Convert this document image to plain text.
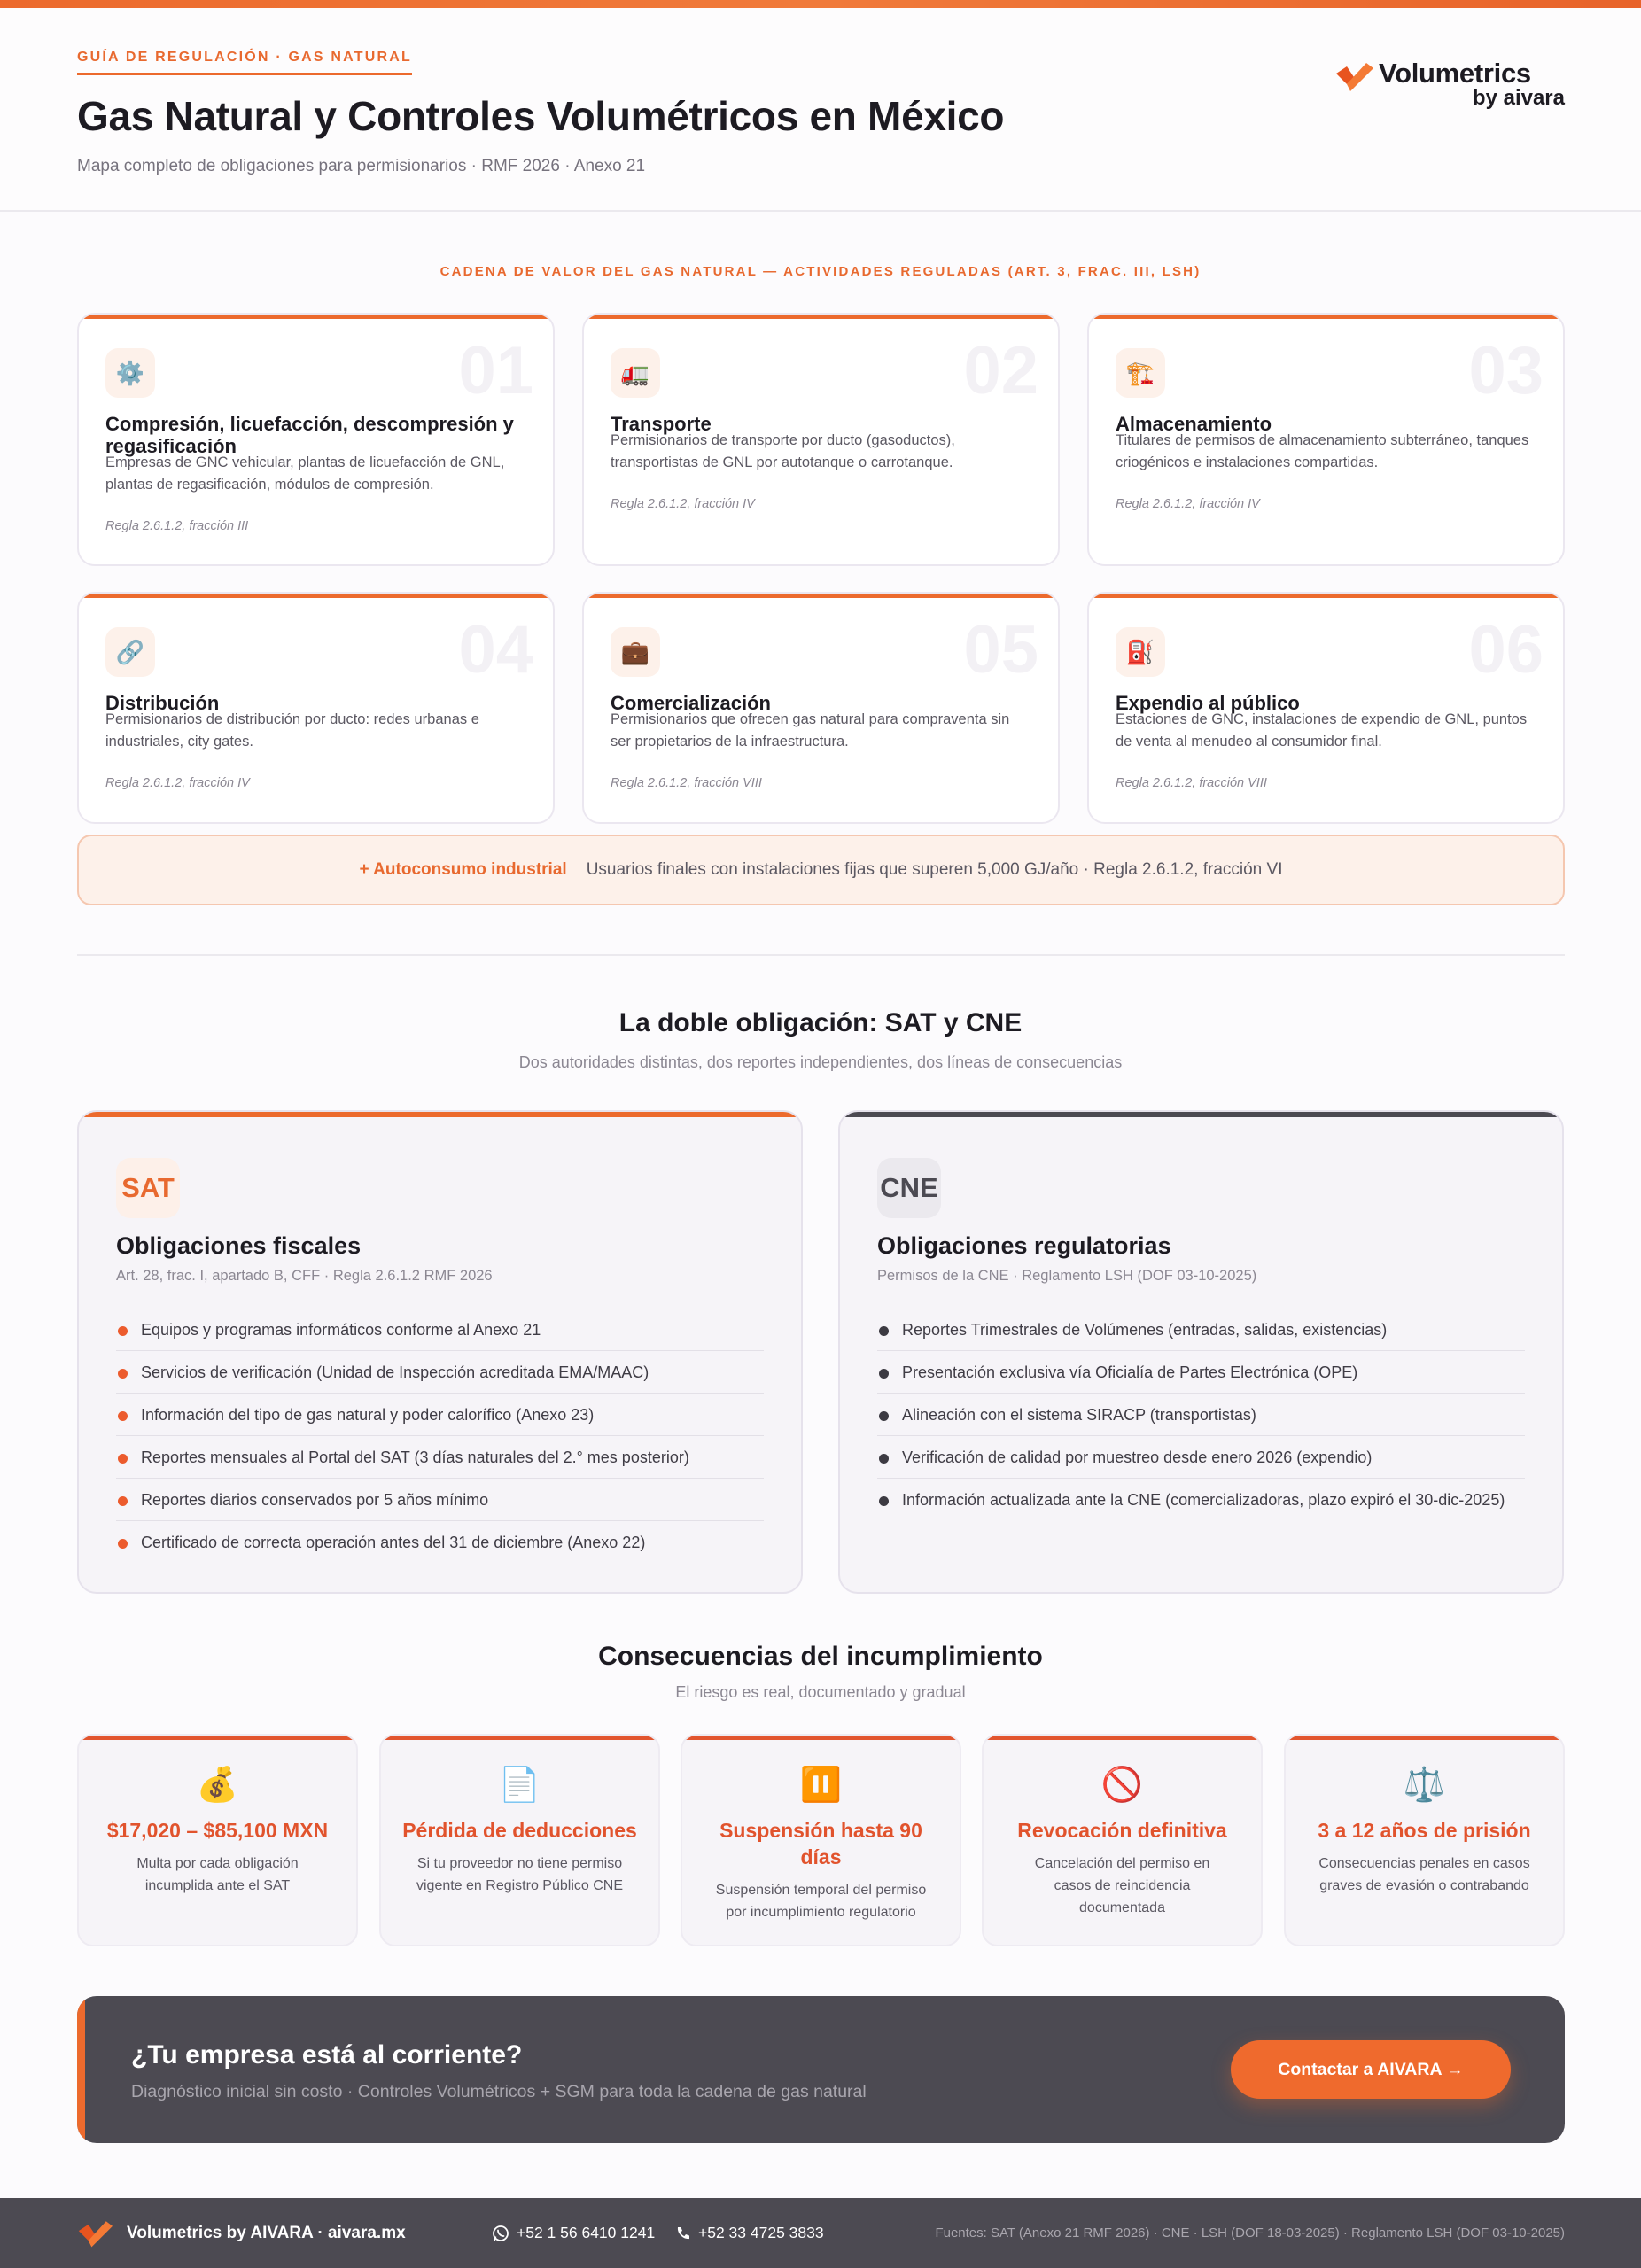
GUÍA DE REGULACIÓN · GAS NATURAL
Gas Natural y Controles Volumétricos en México
Mapa completo de obligaciones para permisionarios · RMF 2026 · Anexo 21
Volumetrics
by aivara
CADENA DE VALOR DEL GAS NATURAL — ACTIVIDADES REGULADAS (ART. 3, FRAC. III, LSH)
01
⚙️
Compresión, licuefacción, descompresión y regasificación
Empresas de GNC vehicular, plantas de licuefacción de GNL, plantas de regasificación, módulos de compresión.
Regla 2.6.1.2, fracción III
02
🚛
Transporte
Permisionarios de transporte por ducto (gasoductos), transportistas de GNL por autotanque o carrotanque.
Regla 2.6.1.2, fracción IV
03
🏗️
Almacenamiento
Titulares de permisos de almacenamiento subterráneo, tanques criogénicos e instalaciones compartidas.
Regla 2.6.1.2, fracción IV
04
🔗
Distribución
Permisionarios de distribución por ducto: redes urbanas e industriales, city gates.
Regla 2.6.1.2, fracción IV
05
💼
Comercialización
Permisionarios que ofrecen gas natural para compraventa sin ser propietarios de la infraestructura.
Regla 2.6.1.2, fracción VIII
06
⛽
Expendio al público
Estaciones de GNC, instalaciones de expendio de GNL, puntos de venta al menudeo al consumidor final.
Regla 2.6.1.2, fracción VIII
+ Autoconsumo industrial Usuarios finales con instalaciones fijas que superen 5,000 GJ/año · Regla 2.6.1.2, fracción VI
La doble obligación: SAT y CNE
Dos autoridades distintas, dos reportes independientes, dos líneas de consecuencias
SAT
Obligaciones fiscales
Art. 28, frac. I, apartado B, CFF · Regla 2.6.1.2 RMF 2026
Equipos y programas informáticos conforme al Anexo 21
Servicios de verificación (Unidad de Inspección acreditada EMA/MAAC)
Información del tipo de gas natural y poder calorífico (Anexo 23)
Reportes mensuales al Portal del SAT (3 días naturales del 2.° mes posterior)
Reportes diarios conservados por 5 años mínimo
Certificado de correcta operación antes del 31 de diciembre (Anexo 22)
CNE
Obligaciones regulatorias
Permisos de la CNE · Reglamento LSH (DOF 03-10-2025)
Reportes Trimestrales de Volúmenes (entradas, salidas, existencias)
Presentación exclusiva vía Oficialía de Partes Electrónica (OPE)
Alineación con el sistema SIRACP (transportistas)
Verificación de calidad por muestreo desde enero 2026 (expendio)
Información actualizada ante la CNE (comercializadoras, plazo expiró el 30-dic-2025)
Consecuencias del incumplimiento
El riesgo es real, documentado y gradual
💰
$17,020 – $85,100 MXN
Multa por cada obligación incumplida ante el SAT
📄
Pérdida de deducciones
Si tu proveedor no tiene permiso vigente en Registro Público CNE
⏸️
Suspensión hasta 90 días
Suspensión temporal del permiso por incumplimiento regulatorio
🚫
Revocación definitiva
Cancelación del permiso en casos de reincidencia documentada
⚖️
3 a 12 años de prisión
Consecuencias penales en casos graves de evasión o contrabando
¿Tu empresa está al corriente?
Diagnóstico inicial sin costo · Controles Volumétricos + SGM para toda la cadena de gas natural
Contactar a AIVARA →
Volumetrics by AIVARA · aivara.mx	+52 1 56 6410 1241	+52 33 4725 3833	Fuentes: SAT (Anexo 21 RMF 2026) · CNE · LSH (DOF 18-03-2025) · Reglamento LSH (DOF 03-10-2025)
